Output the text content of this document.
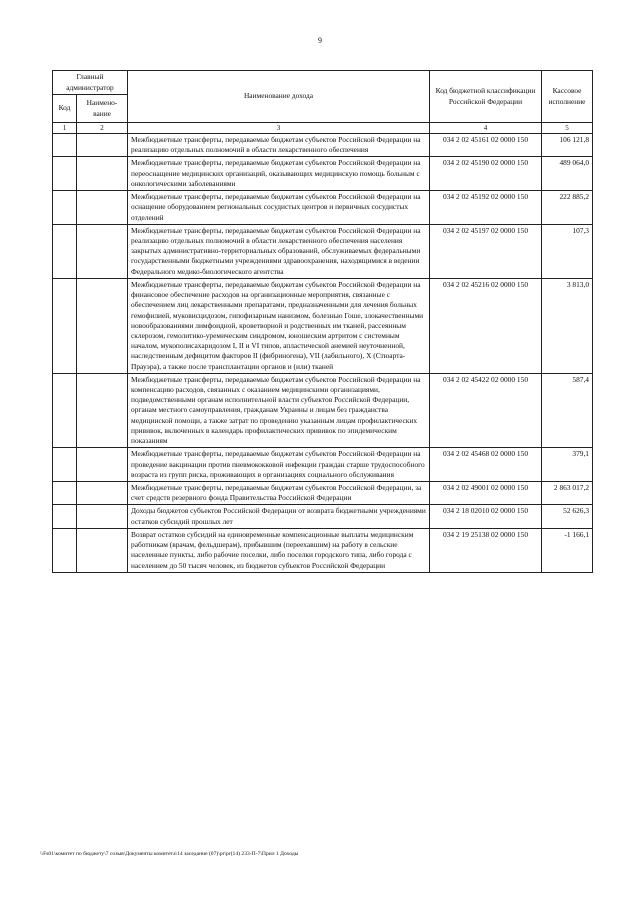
9
Главный администратор		Наименование дохода	Код бюджетной классификации Российской Федерации	Кассовое исполнение
Код	Наимено-вание			
1	2	3	4	5
		Межбюджетные трансферты, передаваемые бюджетам субъектов Российской Федерации на реализацию отдельных полномочий в области лекарственного обеспечения	034 2 02 45161 02 0000 150	106 121,8
		Межбюджетные трансферты, передаваемые бюджетам субъектов Российской Федерации на переоснащение медицинских организаций, оказывающих медицинскую помощь больным с онкологическими заболеваниями	034 2 02 45190 02 0000 150	489 064,0
		Межбюджетные трансферты, передаваемые бюджетам субъектов Российской Федерации на оснащение оборудованием региональных сосудистых центров и первичных сосудистых отделений	034 2 02 45192 02 0000 150	222 885,2
		Межбюджетные трансферты, передаваемые бюджетам субъектов Российской Федерации на реализацию отдельных полномочий в области лекарственного обеспечения населения закрытых административно-территориальных образований, обслуживаемых федеральными государственными бюджетными учреждениями здравоохранения, находящимися в ведении Федерального медико-биологического агентства	034 2 02 45197 02 0000 150	107,3
		Межбюджетные трансферты, передаваемые бюджетам субъектов Российской Федерации на финансовое обеспечение расходов на организационные мероприятия, связанные с обеспечением лиц лекарственными препаратами, предназначенными для лечения больных гемофилией, муковисцидозом, гипофизарным нанизмом, болезнью Гоше, злокачественными новообразованиями лимфоидной, кроветворной и родственных им тканей, рассеянным склерозом, гемолитико-уремическим синдромом, юношеским артритом с системным началом, мукополисахаридозом I, II и VI типов, апластической анемией неуточненной, наследственным дефицитом факторов II (фибриногена), VII (лабильного), X (Стюарта-Прауэра), а также после трансплантации органов и (или) тканей	034 2 02 45216 02 0000 150	3 813,0
		Межбюджетные трансферты, передаваемые бюджетам субъектов Российской Федерации на компенсацию расходов, связанных с оказанием медицинскими организациями, подведомственными органам исполнительной власти субъектов Российской Федерации, органам местного самоуправления, гражданам Украины и лицам без гражданства медицинской помощи, а также затрат по проведению указанным лицам профилактических прививок, включенных в календарь профилактических прививок по эпидемическим показаниям	034 2 02 45422 02 0000 150	587,4
		Межбюджетные трансферты, передаваемые бюджетам субъектов Российской Федерации на проведение вакцинации против пневмококковой инфекции граждан старше трудоспособного возраста из групп риска, проживающих в организациях социального обслуживания	034 2 02 45468 02 0000 150	379,1
		Межбюджетные трансферты, передаваемые бюджетам субъектов Российской Федерации, за счет средств резервного фонда Правительства Российской Федерации	034 2 02 49001 02 0000 150	2 863 017,2
		Доходы бюджетов субъектов Российской Федерации от возврата бюджетными учреждениями остатков субсидий прошлых лет	034 2 18 02010 02 0000 150	52 626,3
		Возврат остатков субсидий на единовременные компенсационные выплаты медицинским работникам (врачам, фельдшерам), прибывшим (переехавшим) на работу в сельские населенные пункты, либо рабочие поселки, либо поселки городского типа, либо города с населением до 50 тысяч человек, из бюджетов субъектов Российской Федерации	034 2 19 25138 02 0000 150	-1 166,1
\\Fs01\комитет по бюджету\7 созыв\Документы комитета\14 заседание (07)\pr\pr(14) 233-П-7\Прил 1 Доходы
